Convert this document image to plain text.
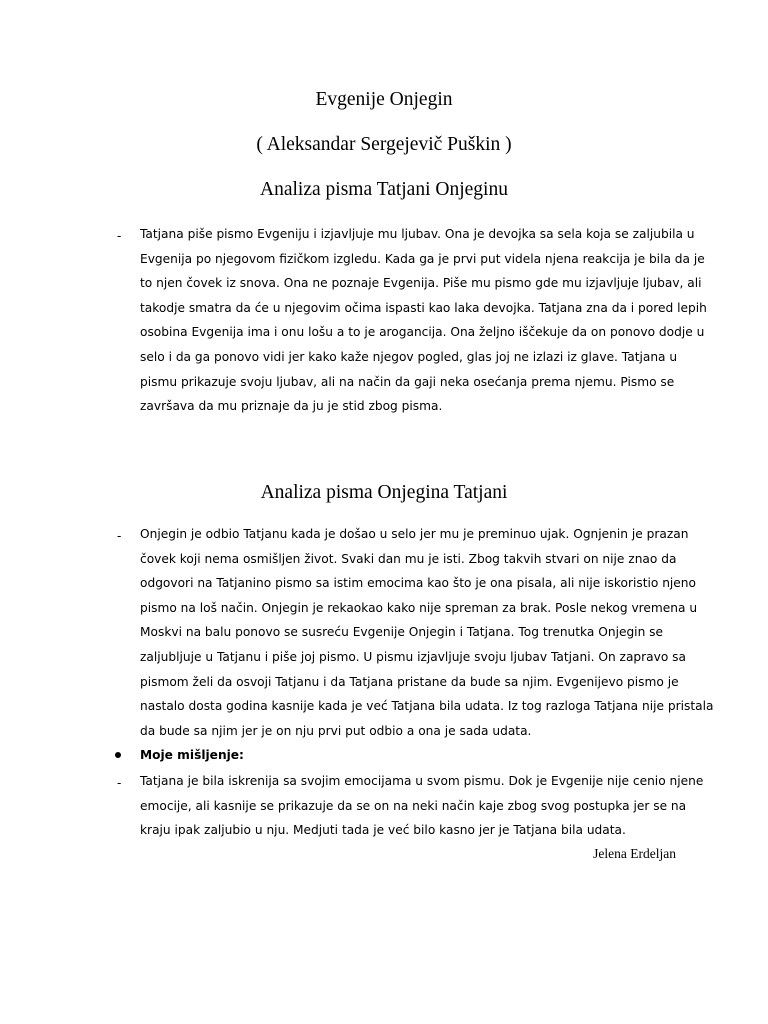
Evgenije Onjegin
( Aleksandar Sergejevič Puškin )
Analiza pisma Tatjani Onjeginu
- Tatjana piše pismo Evgeniju i izjavljuje mu ljubav. Ona je devojka sa sela koja se zaljubila u
Evgenija po njegovom fizičkom izgledu. Kada ga je prvi put videla njena reakcija je bila da je
to njen čovek iz snova. Ona ne poznaje Evgenija. Piše mu pismo gde mu izjavljuje ljubav, ali
takodje smatra da će u njegovim očima ispasti kao laka devojka. Tatjana zna da i pored lepih
osobina Evgenija ima i onu lošu a to je arogancija. Ona željno iščekuje da on ponovo dodje u
selo i da ga ponovo vidi jer kako kaže njegov pogled, glas joj ne izlazi iz glave. Tatjana u
pismu prikazuje svoju ljubav, ali na način da gaji neka osećanja prema njemu. Pismo se
završava da mu priznaje da ju je stid zbog pisma.
Analiza pisma Onjegina Tatjani
- Onjegin je odbio Tatjanu kada je došao u selo jer mu je preminuo ujak. Ognjenin je prazan
čovek koji nema osmišljen život. Svaki dan mu je isti. Zbog takvih stvari on nije znao da
odgovori na Tatjanino pismo sa istim emocima kao što je ona pisala, ali nije iskoristio njeno
pismo na loš način. Onjegin je rekaokao kako nije spreman za brak. Posle nekog vremena u
Moskvi na balu ponovo se susreću Evgenije Onjegin i Tatjana. Tog trenutka Onjegin se
zaljubljuje u Tatjanu i piše joj pismo. U pismu izjavljuje svoju ljubav Tatjani. On zapravo sa
pismom želi da osvoji Tatjanu i da Tatjana pristane da bude sa njim. Evgenijevo pismo je
nastalo dosta godina kasnije kada je već Tatjana bila udata. Iz tog razloga Tatjana nije pristala
da bude sa njim jer je on nju prvi put odbio a ona je sada udata.
Moje mišljenje:
- Tatjana je bila iskrenija sa svojim emocijama u svom pismu. Dok je Evgenije nije cenio njene
emocije, ali kasnije se prikazuje da se on na neki način kaje zbog svog postupka jer se na
kraju ipak zaljubio u nju. Medjuti tada je već bilo kasno jer je Tatjana bila udata.
Jelena Erdeljan
